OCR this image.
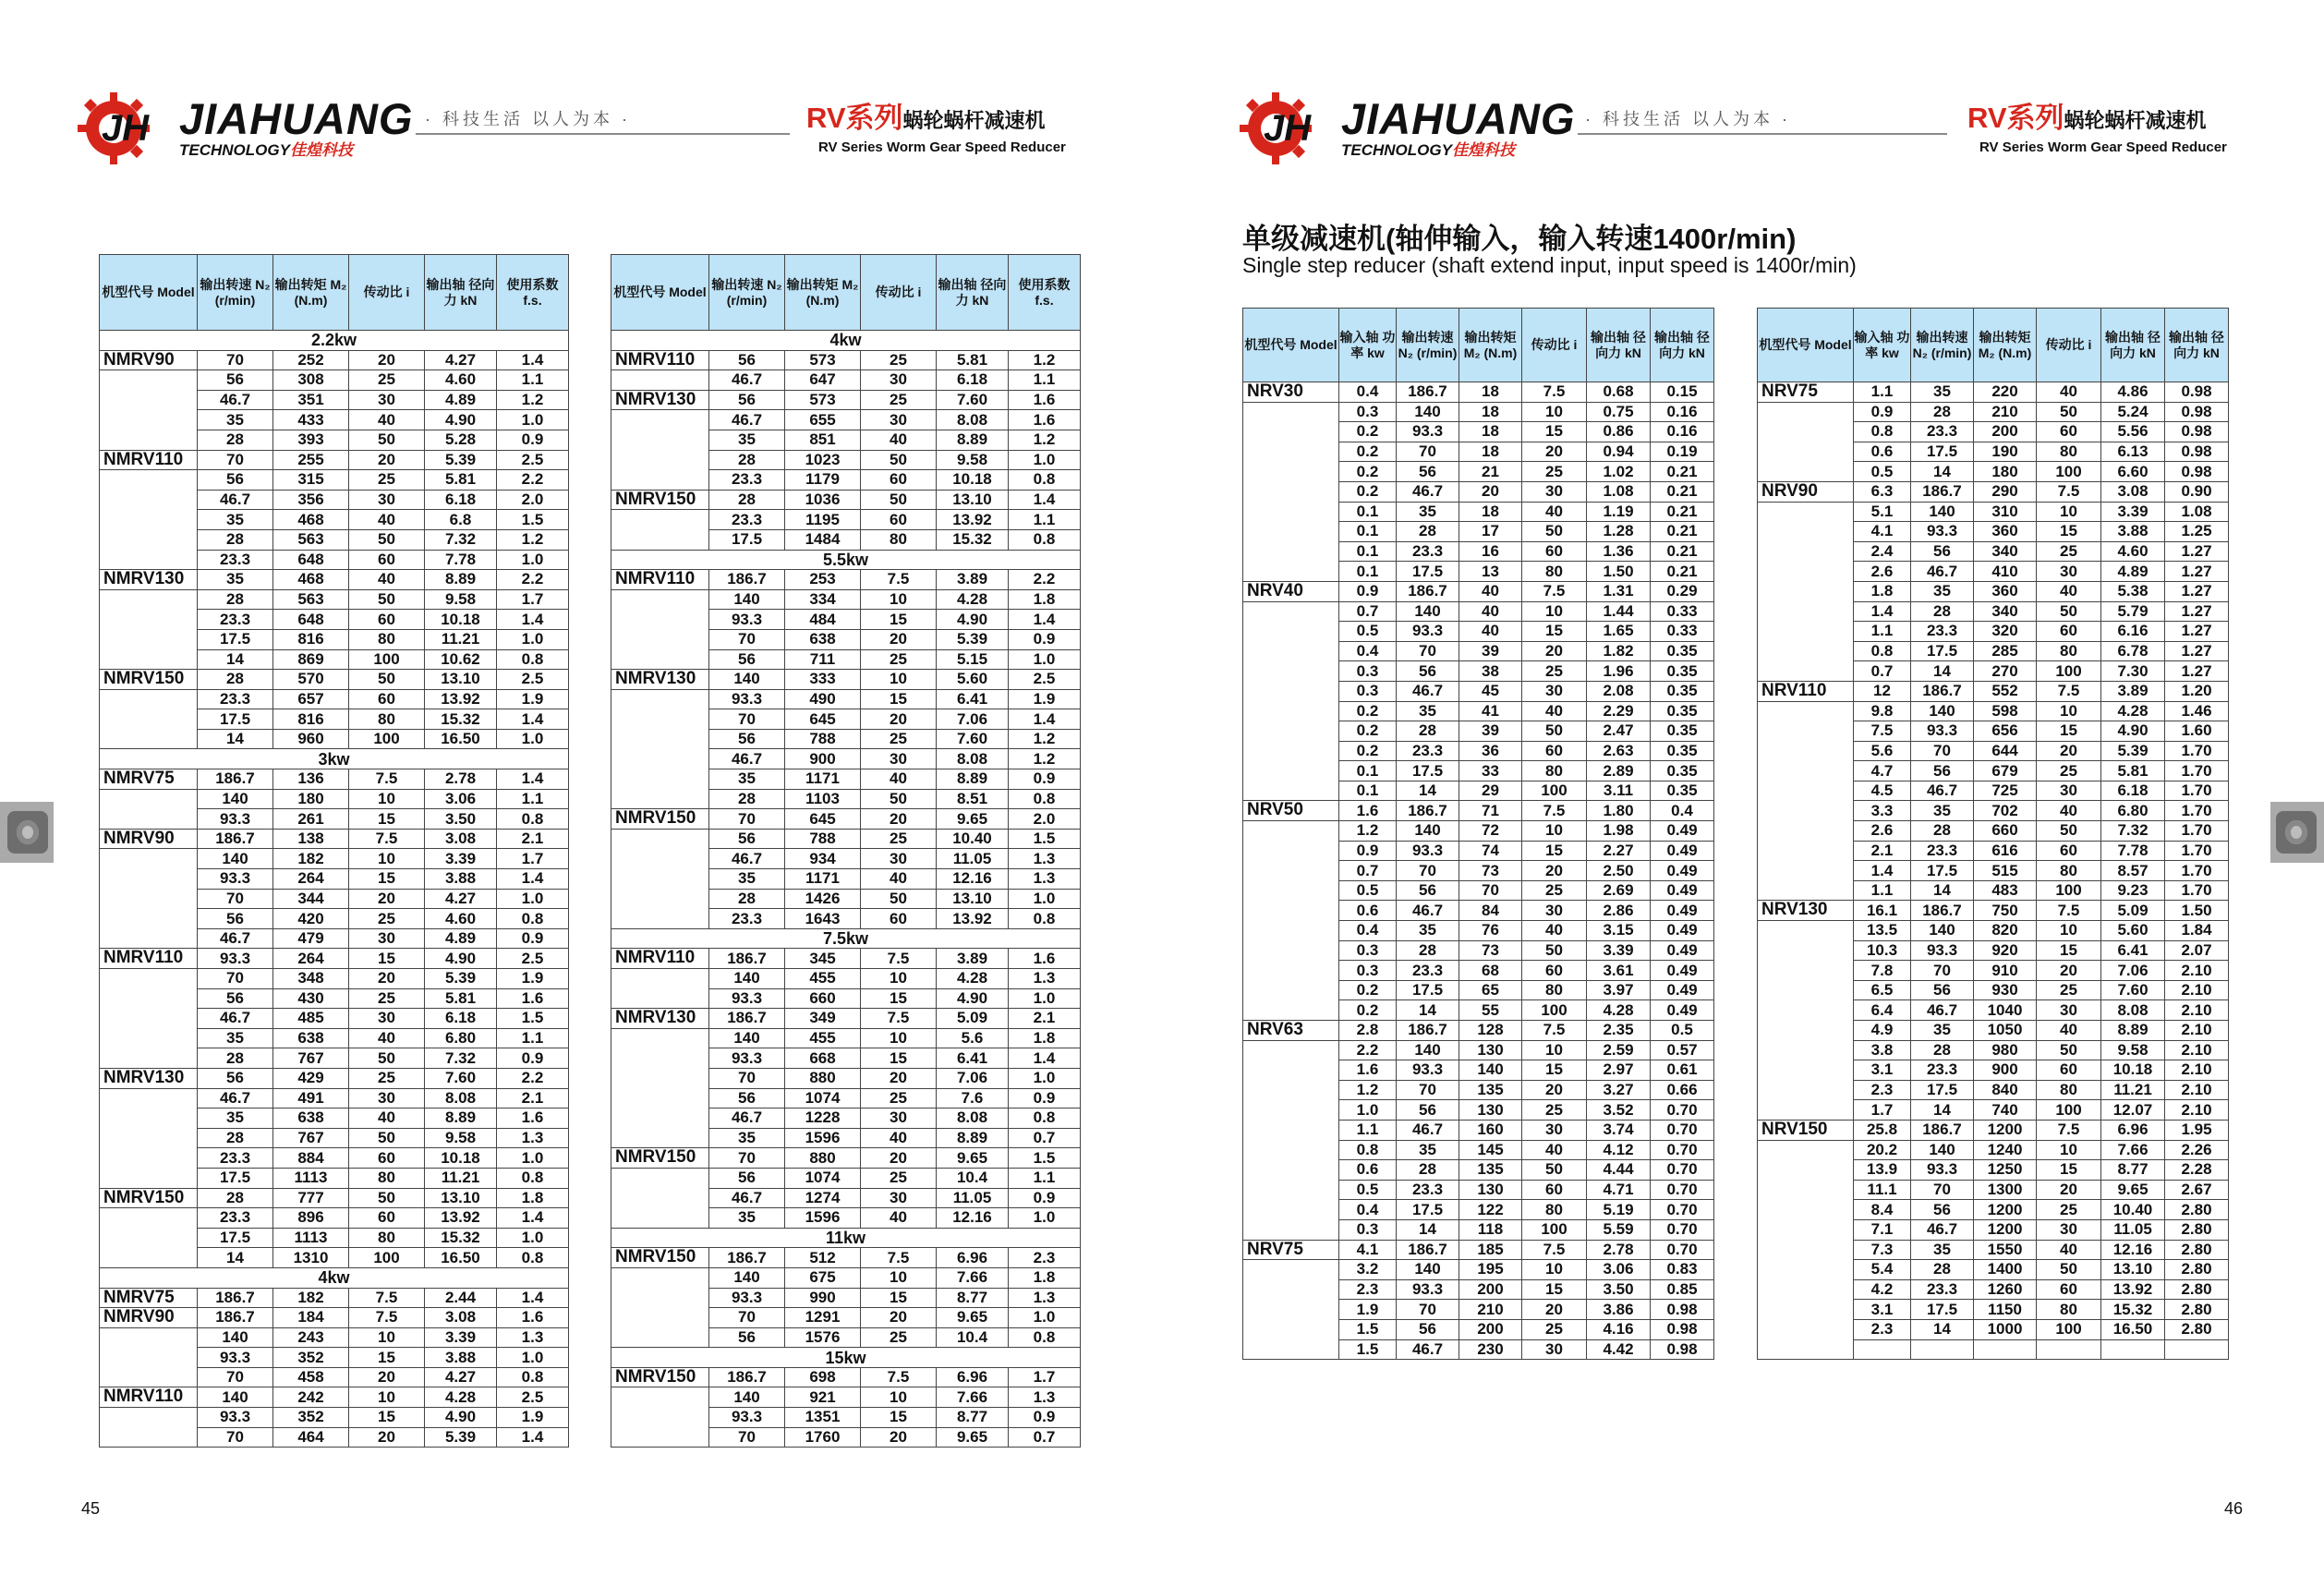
JH JIAHUANG
TECHNOLOGY佳煌科技
· 科技生活 以人为本 ·	RV系列蜗轮蜗杆减速机
RV Series Worm Gear Speed Reducer	JH JIAHUANG
TECHNOLOGY佳煌科技
· 科技生活 以人为本 ·	RV系列蜗轮蜗杆减速机
RV Series Worm Gear Speed Reducer
单级减速机(轴伸输入，输入转速1400r/min)
Single step reducer (shaft extend input, input speed is 1400r/min)
机型代号 Model	输出转速 N₂ (r/min)	输出转矩 M₂ (N.m)	传动比 i	输出轴 径向力 kN	使用系数 f.s.
2.2kw					
NMRV90	70	252	20	4.27	1.4
	56	308	25	4.60	1.1
	46.7	351	30	4.89	1.2
	35	433	40	4.90	1.0
	28	393	50	5.28	0.9
NMRV110	70	255	20	5.39	2.5
	56	315	25	5.81	2.2
	46.7	356	30	6.18	2.0
	35	468	40	6.8	1.5
	28	563	50	7.32	1.2
	23.3	648	60	7.78	1.0
NMRV130	35	468	40	8.89	2.2
	28	563	50	9.58	1.7
	23.3	648	60	10.18	1.4
	17.5	816	80	11.21	1.0
	14	869	100	10.62	0.8
NMRV150	28	570	50	13.10	2.5
	23.3	657	60	13.92	1.9
	17.5	816	80	15.32	1.4
	14	960	100	16.50	1.0
3kw					
NMRV75	186.7	136	7.5	2.78	1.4
	140	180	10	3.06	1.1
	93.3	261	15	3.50	0.8
NMRV90	186.7	138	7.5	3.08	2.1
	140	182	10	3.39	1.7
	93.3	264	15	3.88	1.4
	70	344	20	4.27	1.0
	56	420	25	4.60	0.8
	46.7	479	30	4.89	0.9
NMRV110	93.3	264	15	4.90	2.5
	70	348	20	5.39	1.9
	56	430	25	5.81	1.6
	46.7	485	30	6.18	1.5
	35	638	40	6.80	1.1
	28	767	50	7.32	0.9
NMRV130	56	429	25	7.60	2.2
	46.7	491	30	8.08	2.1
	35	638	40	8.89	1.6
	28	767	50	9.58	1.3
	23.3	884	60	10.18	1.0
	17.5	1113	80	11.21	0.8
NMRV150	28	777	50	13.10	1.8
	23.3	896	60	13.92	1.4
	17.5	1113	80	15.32	1.0
	14	1310	100	16.50	0.8
4kw					
NMRV75	186.7	182	7.5	2.44	1.4
NMRV90	186.7	184	7.5	3.08	1.6
	140	243	10	3.39	1.3
	93.3	352	15	3.88	1.0
	70	458	20	4.27	0.8
NMRV110	140	242	10	4.28	2.5
	93.3	352	15	4.90	1.9
	70	464	20	5.39	1.4
机型代号 Model	输出转速 N₂ (r/min)	输出转矩 M₂ (N.m)	传动比 i	输出轴 径向力 kN	使用系数 f.s.
4kw					
NMRV110	56	573	25	5.81	1.2
	46.7	647	30	6.18	1.1
NMRV130	56	573	25	7.60	1.6
	46.7	655	30	8.08	1.6
	35	851	40	8.89	1.2
	28	1023	50	9.58	1.0
	23.3	1179	60	10.18	0.8
NMRV150	28	1036	50	13.10	1.4
	23.3	1195	60	13.92	1.1
	17.5	1484	80	15.32	0.8
5.5kw					
NMRV110	186.7	253	7.5	3.89	2.2
	140	334	10	4.28	1.8
	93.3	484	15	4.90	1.4
	70	638	20	5.39	0.9
	56	711	25	5.15	1.0
NMRV130	140	333	10	5.60	2.5
	93.3	490	15	6.41	1.9
	70	645	20	7.06	1.4
	56	788	25	7.60	1.2
	46.7	900	30	8.08	1.2
	35	1171	40	8.89	0.9
	28	1103	50	8.51	0.8
NMRV150	70	645	20	9.65	2.0
	56	788	25	10.40	1.5
	46.7	934	30	11.05	1.3
	35	1171	40	12.16	1.3
	28	1426	50	13.10	1.0
	23.3	1643	60	13.92	0.8
7.5kw					
NMRV110	186.7	345	7.5	3.89	1.6
	140	455	10	4.28	1.3
	93.3	660	15	4.90	1.0
NMRV130	186.7	349	7.5	5.09	2.1
	140	455	10	5.6	1.8
	93.3	668	15	6.41	1.4
	70	880	20	7.06	1.0
	56	1074	25	7.6	0.9
	46.7	1228	30	8.08	0.8
	35	1596	40	8.89	0.7
NMRV150	70	880	20	9.65	1.5
	56	1074	25	10.4	1.1
	46.7	1274	30	11.05	0.9
	35	1596	40	12.16	1.0
11kw					
NMRV150	186.7	512	7.5	6.96	2.3
	140	675	10	7.66	1.8
	93.3	990	15	8.77	1.3
	70	1291	20	9.65	1.0
	56	1576	25	10.4	0.8
15kw					
NMRV150	186.7	698	7.5	6.96	1.7
	140	921	10	7.66	1.3
	93.3	1351	15	8.77	0.9
	70	1760	20	9.65	0.7
机型代号 Model	输入轴 功率 kw	输出转速 N₂ (r/min)	输出转矩 M₂ (N.m)	传动比 i	输出轴 径向力 kN	输出轴 径向力 kN
NRV30	0.4	186.7	18	7.5	0.68	0.15
	0.3	140	18	10	0.75	0.16
	0.2	93.3	18	15	0.86	0.16
	0.2	70	18	20	0.94	0.19
	0.2	56	21	25	1.02	0.21
	0.2	46.7	20	30	1.08	0.21
	0.1	35	18	40	1.19	0.21
	0.1	28	17	50	1.28	0.21
	0.1	23.3	16	60	1.36	0.21
	0.1	17.5	13	80	1.50	0.21
NRV40	0.9	186.7	40	7.5	1.31	0.29
	0.7	140	40	10	1.44	0.33
	0.5	93.3	40	15	1.65	0.33
	0.4	70	39	20	1.82	0.35
	0.3	56	38	25	1.96	0.35
	0.3	46.7	45	30	2.08	0.35
	0.2	35	41	40	2.29	0.35
	0.2	28	39	50	2.47	0.35
	0.2	23.3	36	60	2.63	0.35
	0.1	17.5	33	80	2.89	0.35
	0.1	14	29	100	3.11	0.35
NRV50	1.6	186.7	71	7.5	1.80	0.4
	1.2	140	72	10	1.98	0.49
	0.9	93.3	74	15	2.27	0.49
	0.7	70	73	20	2.50	0.49
	0.5	56	70	25	2.69	0.49
	0.6	46.7	84	30	2.86	0.49
	0.4	35	76	40	3.15	0.49
	0.3	28	73	50	3.39	0.49
	0.3	23.3	68	60	3.61	0.49
	0.2	17.5	65	80	3.97	0.49
	0.2	14	55	100	4.28	0.49
NRV63	2.8	186.7	128	7.5	2.35	0.5
	2.2	140	130	10	2.59	0.57
	1.6	93.3	140	15	2.97	0.61
	1.2	70	135	20	3.27	0.66
	1.0	56	130	25	3.52	0.70
	1.1	46.7	160	30	3.74	0.70
	0.8	35	145	40	4.12	0.70
	0.6	28	135	50	4.44	0.70
	0.5	23.3	130	60	4.71	0.70
	0.4	17.5	122	80	5.19	0.70
	0.3	14	118	100	5.59	0.70
NRV75	4.1	186.7	185	7.5	2.78	0.70
	3.2	140	195	10	3.06	0.83
	2.3	93.3	200	15	3.50	0.85
	1.9	70	210	20	3.86	0.98
	1.5	56	200	25	4.16	0.98
	1.5	46.7	230	30	4.42	0.98
机型代号 Model	输入轴 功率 kw	输出转速 N₂ (r/min)	输出转矩 M₂ (N.m)	传动比 i	输出轴 径向力 kN	输出轴 径向力 kN
NRV75	1.1	35	220	40	4.86	0.98
	0.9	28	210	50	5.24	0.98
	0.8	23.3	200	60	5.56	0.98
	0.6	17.5	190	80	6.13	0.98
	0.5	14	180	100	6.60	0.98
NRV90	6.3	186.7	290	7.5	3.08	0.90
	5.1	140	310	10	3.39	1.08
	4.1	93.3	360	15	3.88	1.25
	2.4	56	340	25	4.60	1.27
	2.6	46.7	410	30	4.89	1.27
	1.8	35	360	40	5.38	1.27
	1.4	28	340	50	5.79	1.27
	1.1	23.3	320	60	6.16	1.27
	0.8	17.5	285	80	6.78	1.27
	0.7	14	270	100	7.30	1.27
NRV110	12	186.7	552	7.5	3.89	1.20
	9.8	140	598	10	4.28	1.46
	7.5	93.3	656	15	4.90	1.60
	5.6	70	644	20	5.39	1.70
	4.7	56	679	25	5.81	1.70
	4.5	46.7	725	30	6.18	1.70
	3.3	35	702	40	6.80	1.70
	2.6	28	660	50	7.32	1.70
	2.1	23.3	616	60	7.78	1.70
	1.4	17.5	515	80	8.57	1.70
	1.1	14	483	100	9.23	1.70
NRV130	16.1	186.7	750	7.5	5.09	1.50
	13.5	140	820	10	5.60	1.84
	10.3	93.3	920	15	6.41	2.07
	7.8	70	910	20	7.06	2.10
	6.5	56	930	25	7.60	2.10
	6.4	46.7	1040	30	8.08	2.10
	4.9	35	1050	40	8.89	2.10
	3.8	28	980	50	9.58	2.10
	3.1	23.3	900	60	10.18	2.10
	2.3	17.5	840	80	11.21	2.10
	1.7	14	740	100	12.07	2.10
NRV150	25.8	186.7	1200	7.5	6.96	1.95
	20.2	140	1240	10	7.66	2.26
	13.9	93.3	1250	15	8.77	2.28
	11.1	70	1300	20	9.65	2.67
	8.4	56	1200	25	10.40	2.80
	7.1	46.7	1200	30	11.05	2.80
	7.3	35	1550	40	12.16	2.80
	5.4	28	1400	50	13.10	2.80
	4.2	23.3	1260	60	13.92	2.80
	3.1	17.5	1150	80	15.32	2.80
	2.3	14	1000	100	16.50	2.80

45	46
